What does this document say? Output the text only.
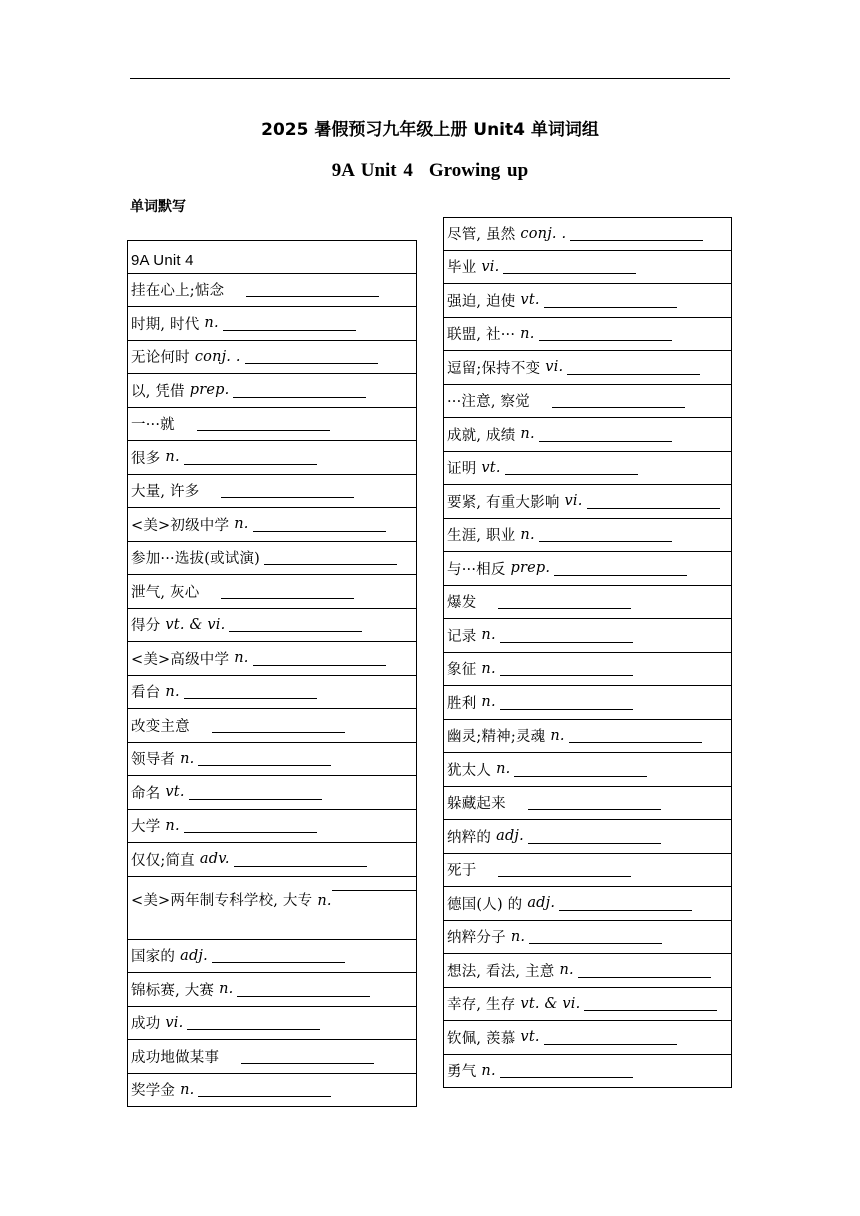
2025 暑假预习九年级上册 Unit4 单词词组
9A Unit 4 Growing up
单词默写
9A Unit 4
挂在心上;惦念
时期, 时代 n.
无论何时 conj. .
以, 凭借 prep.
一···就
很多 n.
大量, 许多
<美>初级中学 n.
参加···选拔(或试演)
泄气, 灰心
得分 vt. & vi.
<美>高级中学 n.
看台 n.
改变主意
领导者 n.
命名 vt.
大学 n.
仅仅;简直 adv.
<美>两年制专科学校, 大专 n.
国家的 adj.
锦标赛, 大赛 n.
成功 vi.
成功地做某事
奖学金 n.
尽管, 虽然 conj. .
毕业 vi.
强迫, 迫使 vt.
联盟, 社··· n.
逗留;保持不变 vi.
···注意, 察觉
成就, 成绩 n.
证明 vt.
要紧, 有重大影响 vi.
生涯, 职业 n.
与···相反 prep.
爆发
记录 n.
象征 n.
胜利 n.
幽灵;精神;灵魂 n.
犹太人 n.
躲藏起来
纳粹的 adj.
死于
德国(人) 的 adj.
纳粹分子 n.
想法, 看法, 主意 n.
幸存, 生存 vt. & vi.
钦佩, 羡慕 vt.
勇气 n.
